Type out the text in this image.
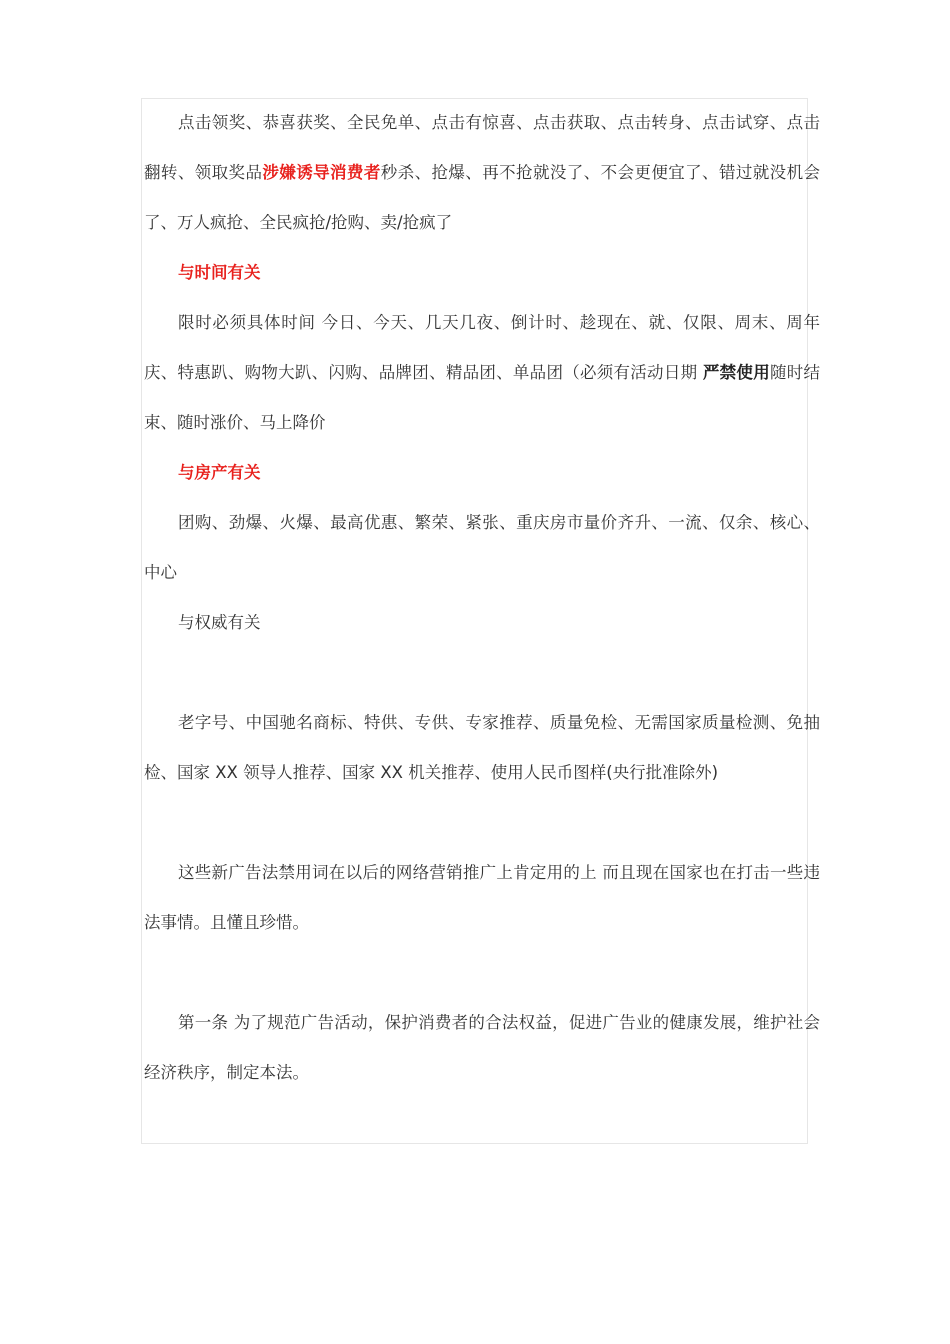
点击领奖、恭喜获奖、全民免单、点击有惊喜、点击获取、点击转身、点击试穿、点击翻转、领取奖品涉嫌诱导消费者秒杀、抢爆、再不抢就没了、不会更便宜了、错过就没机会了、万人疯抢、全民疯抢/抢购、卖/抢疯了

与时间有关

限时必须具体时间 今日、今天、几天几夜、倒计时、趁现在、就、仅限、周末、周年庆、特惠趴、购物大趴、闪购、品牌团、精品团、单品团（必须有活动日期 严禁使用随时结束、随时涨价、马上降价

与房产有关

团购、劲爆、火爆、最高优惠、繁荣、紧张、重庆房市量价齐升、一流、仅余、核心、中心

与权威有关

老字号、中国驰名商标、特供、专供、专家推荐、质量免检、无需国家质量检测、免抽检、国家 XX 领导人推荐、国家 XX 机关推荐、使用人民币图样(央行批准除外)

这些新广告法禁用词在以后的网络营销推广上肯定用的上 而且现在国家也在打击一些违法事情。且懂且珍惜。

第一条 为了规范广告活动，保护消费者的合法权益，促进广告业的健康发展，维护社会经济秩序，制定本法。
